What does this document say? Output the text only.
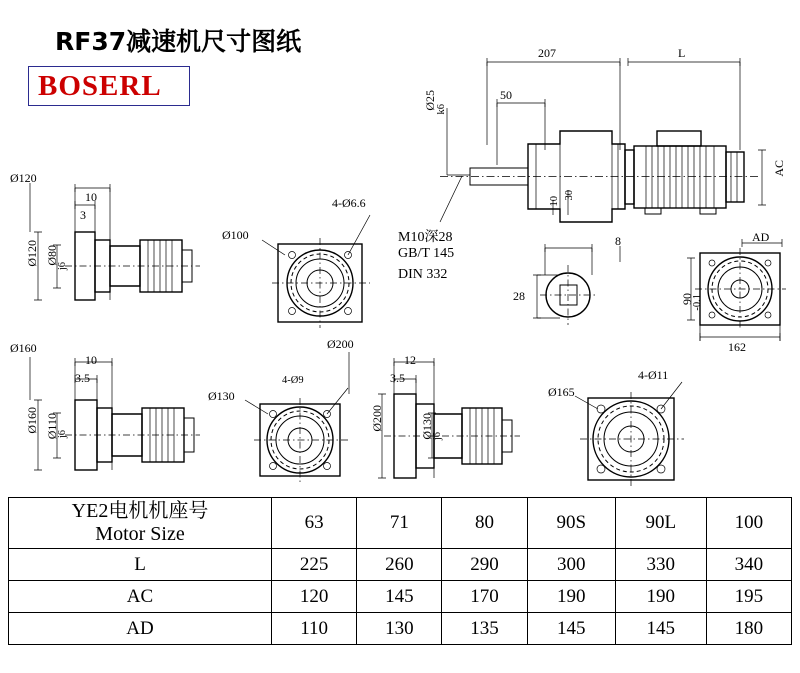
RF37减速机尺寸图纸
BOSERL
207	L
50
Ø25 k6
AC
10
30
M10深28
GB/T 145
DIN 332
8
28
AD
90
-0.1
162
Ø120
10
3
Ø120 Ø80
j6
4-Ø6.6
Ø100
Ø160
10
3.5
Ø160 Ø110
j6
4-Ø9
Ø130
Ø200
12
3.5
Ø200	Ø130
j6
4-Ø11
Ø165
YE2电机机座号
Motor Size	63	71	80	90S	90L	100
L	225	260	290	300	330	340
AC	120	145	170	190	190	195
AD	110	130	135	145	145	180
